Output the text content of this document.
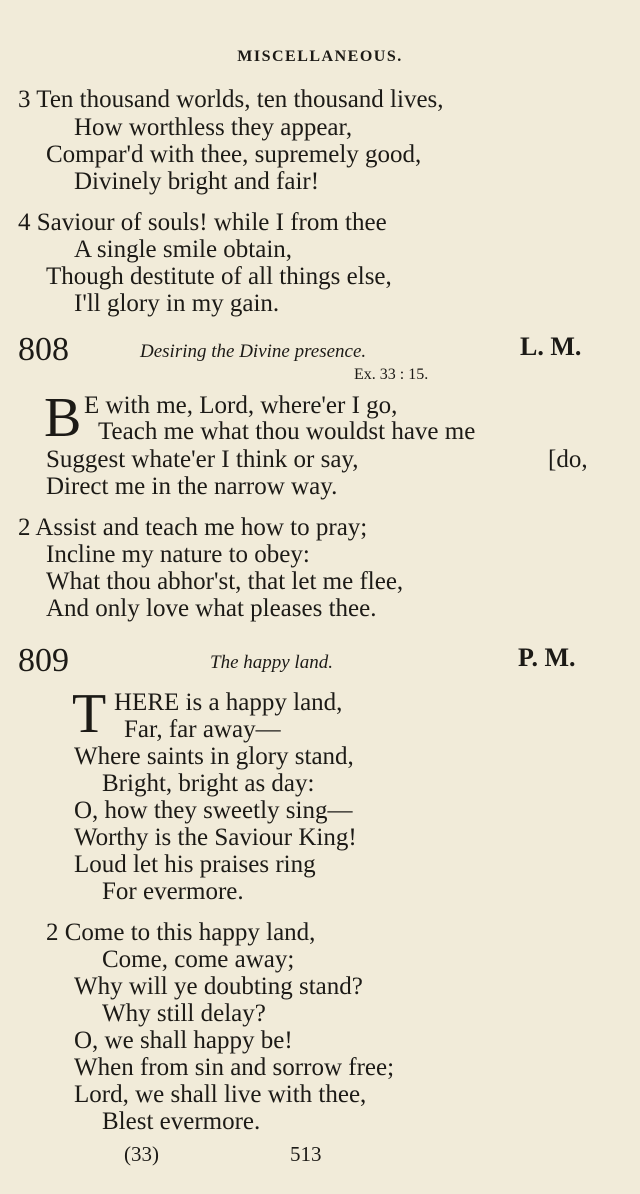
MISCELLANEOUS.
3 Ten thousand worlds, ten thousand lives,
How worthless they appear,
Compar'd with thee, supremely good,
Divinely bright and fair!
4 Saviour of souls! while I from thee
A single smile obtain,
Though destitute of all things else,
I'll glory in my gain.
808	Desiring the Divine presence.	L. M.
Ex. 33 : 15.
B E with me, Lord, where'er I go,
Teach me what thou wouldst have me
Suggest whate'er I think or say,	[do,
Direct me in the narrow way.
2 Assist and teach me how to pray;
Incline my nature to obey:
What thou abhor'st, that let me flee,
And only love what pleases thee.
809	The happy land.	P. M.
T HERE is a happy land,
Far, far away—
Where saints in glory stand,
Bright, bright as day:
O, how they sweetly sing—
Worthy is the Saviour King!
Loud let his praises ring
For evermore.
2 Come to this happy land,
Come, come away;
Why will ye doubting stand?
Why still delay?
O, we shall happy be!
When from sin and sorrow free;
Lord, we shall live with thee,
Blest evermore.
(33)	513
